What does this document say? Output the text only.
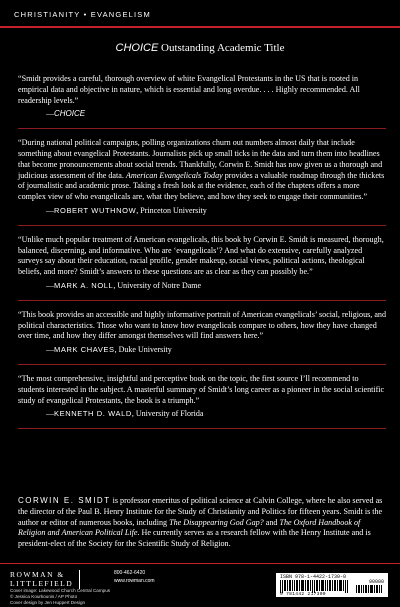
CHRISTIANITY • EVANGELISM
CHOICE Outstanding Academic Title

“Smidt provides a careful, thorough overview of white Evangelical Protestants in the US that is rooted in empirical data and objective in nature, which is essential and long overdue. . . . Highly recommended. All readership levels.”

—CHOICE

“During national political campaigns, polling organizations churn out numbers almost daily that include something about evangelical Protestants. Journalists pick up small ticks in the data and turn them into headlines that become pronouncements about social trends. Thankfully, Corwin E. Smidt has now given us a thorough and judicious assessment of the data. American Evangelicals Today provides a valuable roadmap through the thickets of journalistic and academic prose. Taking a fresh look at the evidence, each of the chapters offers a more complex view of who evangelicals are, what they believe, and how they seek to engage their communities.”

—ROBERT WUTHNOW, Princeton University

“Unlike much popular treatment of American evangelicals, this book by Corwin E. Smidt is measured, thorough, balanced, discerning, and informative. Who are ‘evangelicals’? And what do extensive, carefully analyzed surveys say about their education, racial profile, gender makeup, social views, political actions, theological beliefs, and more? Smidt’s answers to these questions are as clear as they can possibly be.”

—MARK A. NOLL, University of Notre Dame

“This book provides an accessible and highly informative portrait of American evangelicals’ social, religious, and political characteristics. Those who want to know how evangelicals compare to others, how they have changed over time, and how they differ amongst themselves will find answers here.”

—MARK CHAVES, Duke University

“The most comprehensive, insightful and perceptive book on the topic, the first source I’ll recommend to students interested in the subject. A masterful summary of Smidt’s long career as a pioneer in the social scientific study of evangelical Protestants, the book is a triumph.”

—KENNETH D. WALD, University of Florida
CORWIN E. SMIDT is professor emeritus of political science at Calvin College, where he also served as the director of the Paul B. Henry Institute for the Study of Christianity and Politics for fifteen years. Smidt is the author or editor of numerous books, including The Disappearing God Gap? and The Oxford Handbook of Religion and American Political Life. He currently serves as a research fellow with the Henry Institute and is president-elect of the Society for the Scientific Study of Religion.
ROWMAN &
LITTLEFIELD
800-462-6420
www.rowman.com
Cover image: Lakewood Church Central Campus
© Jessica Kourkounis / AP Photo
Cover design by Jen Huppert Design
ISBN 978-1-4422-1730-0
90000
9 781442 217300
